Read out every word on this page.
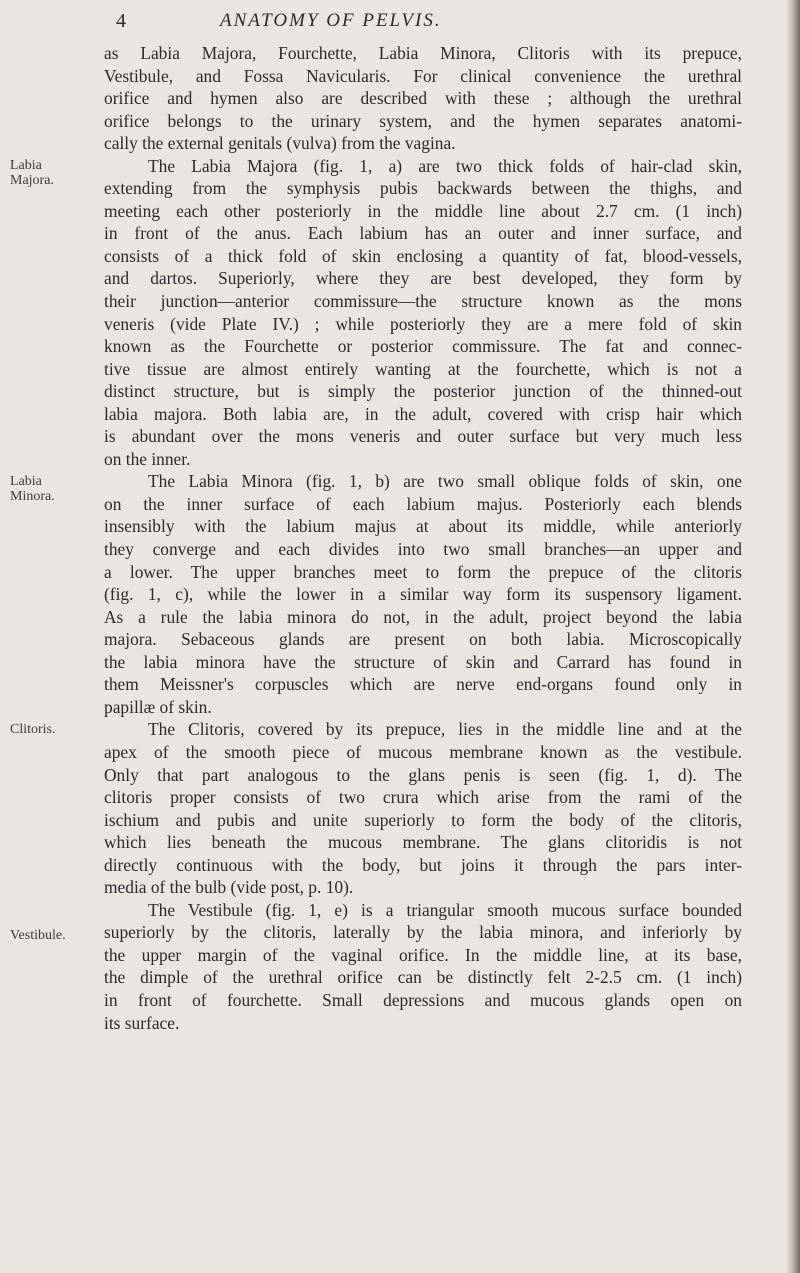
4	ANATOMY OF PELVIS.
Labia
Majora.
Labia
Minora.
Clitoris.
Vestibule.
as Labia Majora, Fourchette, Labia Minora, Clitoris with its prepuce,
Vestibule, and Fossa Navicularis. For clinical convenience the urethral
orifice and hymen also are described with these ; although the urethral
orifice belongs to the urinary system, and the hymen separates anatomi-
cally the external genitals (vulva) from the vagina.
The Labia Majora (fig. 1, a) are two thick folds of hair-clad skin,
extending from the symphysis pubis backwards between the thighs, and
meeting each other posteriorly in the middle line about 2.7 cm. (1 inch)
in front of the anus. Each labium has an outer and inner surface, and
consists of a thick fold of skin enclosing a quantity of fat, blood-vessels,
and dartos. Superiorly, where they are best developed, they form by
their junction—anterior commissure—the structure known as the mons
veneris (vide Plate IV.) ; while posteriorly they are a mere fold of skin
known as the Fourchette or posterior commissure. The fat and connec-
tive tissue are almost entirely wanting at the fourchette, which is not a
distinct structure, but is simply the posterior junction of the thinned-out
labia majora. Both labia are, in the adult, covered with crisp hair which
is abundant over the mons veneris and outer surface but very much less
on the inner.
The Labia Minora (fig. 1, b) are two small oblique folds of skin, one
on the inner surface of each labium majus. Posteriorly each blends
insensibly with the labium majus at about its middle, while anteriorly
they converge and each divides into two small branches—an upper and
a lower. The upper branches meet to form the prepuce of the clitoris
(fig. 1, c), while the lower in a similar way form its suspensory ligament.
As a rule the labia minora do not, in the adult, project beyond the labia
majora. Sebaceous glands are present on both labia. Microscopically
the labia minora have the structure of skin and Carrard has found in
them Meissner's corpuscles which are nerve end-organs found only in
papillæ of skin.
The Clitoris, covered by its prepuce, lies in the middle line and at the
apex of the smooth piece of mucous membrane known as the vestibule.
Only that part analogous to the glans penis is seen (fig. 1, d). The
clitoris proper consists of two crura which arise from the rami of the
ischium and pubis and unite superiorly to form the body of the clitoris,
which lies beneath the mucous membrane. The glans clitoridis is not
directly continuous with the body, but joins it through the pars inter-
media of the bulb (vide post, p. 10).
The Vestibule (fig. 1, e) is a triangular smooth mucous surface bounded
superiorly by the clitoris, laterally by the labia minora, and inferiorly by
the upper margin of the vaginal orifice. In the middle line, at its base,
the dimple of the urethral orifice can be distinctly felt 2-2.5 cm. (1 inch)
in front of fourchette. Small depressions and mucous glands open on
its surface.
